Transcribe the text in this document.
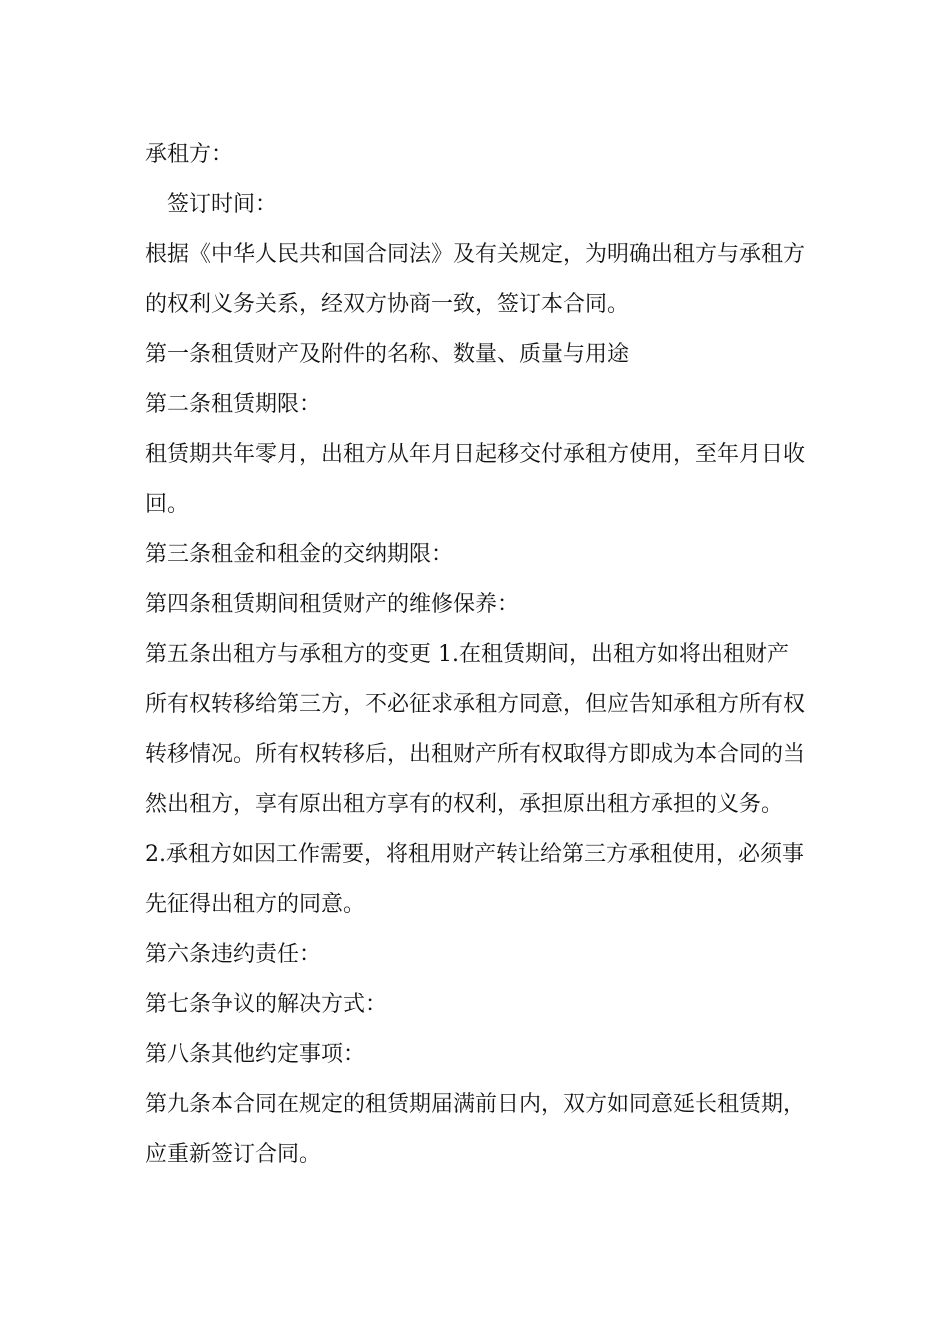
承租方：

签订时间：

根据《中华人民共和国合同法》及有关规定，为明确出租方与承租方的权利义务关系，经双方协商一致，签订本合同。

第一条租赁财产及附件的名称、数量、质量与用途

第二条租赁期限：

租赁期共年零月，出租方从年月日起移交付承租方使用，至年月日收回。

第三条租金和租金的交纳期限：

第四条租赁期间租赁财产的维修保养：

第五条出租方与承租方的变更 1.在租赁期间，出租方如将出租财产所有权转移给第三方，不必征求承租方同意，但应告知承租方所有权转移情况。所有权转移后，出租财产所有权取得方即成为本合同的当然出租方，享有原出租方享有的权利，承担原出租方承担的义务。

2.承租方如因工作需要，将租用财产转让给第三方承租使用，必须事先征得出租方的同意。

第六条违约责任：

第七条争议的解决方式：

第八条其他约定事项：

第九条本合同在规定的租赁期届满前日内，双方如同意延长租赁期，应重新签订合同。
